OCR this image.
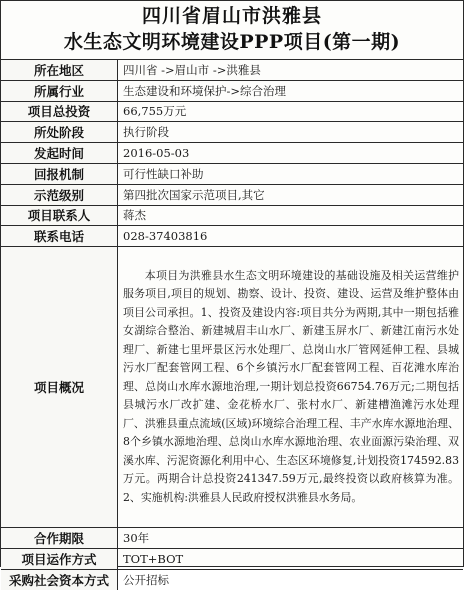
四川省眉山市洪雅县
水生态文明环境建设PPP项目(第一期)
所在地区	四川省 ->眉山市 ->洪雅县
所属行业	生态建设和环境保护->综合治理
项目总投资	66,755万元
所处阶段	执行阶段
发起时间	2016-05-03
回报机制	可行性缺口补助
示范级别	第四批次国家示范项目,其它
项目联系人	蒋杰
联系电话	028-37403816
项目概况	本项目为洪雅县水生态文明环境建设的基础设施及相关运营维护服务项目,项目的规划、勘察、设计、投资、建设、运营及维护整体由项目公司承担。1、投资及建设内容:项目共分为两期,其中一期包括雅女湖综合整治、新建城眉丰山水厂、新建玉屏水厂、新建江南污水处理厂、新建七里坪景区污水处理厂、总岗山水厂管网延伸工程、县城污水厂配套管网工程、6个乡镇污水厂配套管网工程、百花滩水库治理、总岗山水库水源地治理,一期计划总投资66754.76万元;二期包括县城污水厂改扩建、金花桥水厂、张村水厂、新建槽渔滩污水处理厂、洪雅县重点流域(区域)环境综合治理工程、丰产水库水源地治理、8个乡镇水源地治理、总岗山水库水源地治理、农业面源污染治理、双溪水库、污泥资源化利用中心、生态区环境修复,计划投资174592.83万元。两期合计总投资241347.59万元,最终投资以政府核算为准。2、实施机构:洪雅县人民政府授权洪雅县水务局。
合作期限	30年
项目运作方式	TOT+BOT
采购社会资本方式	公开招标
